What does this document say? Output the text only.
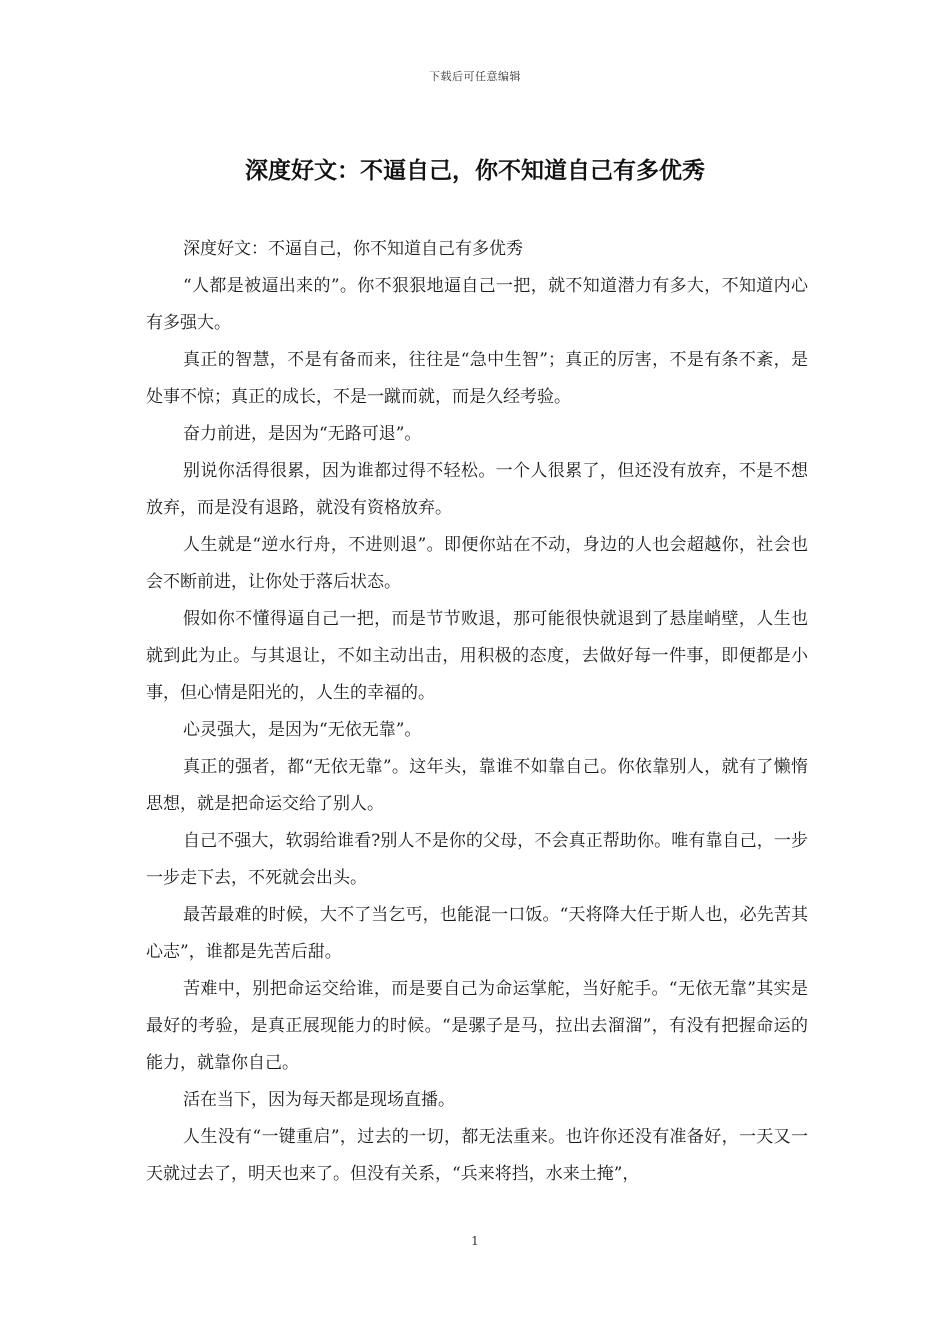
下载后可任意编辑
深度好文：不逼自己，你不知道自己有多优秀

深度好文：不逼自己，你不知道自己有多优秀

“人都是被逼出来的”。你不狠狠地逼自己一把，就不知道潜力有多大，不知道内心有多强大。

真正的智慧，不是有备而来，往往是“急中生智”；真正的厉害，不是有条不紊，是处事不惊；真正的成长，不是一蹴而就，而是久经考验。

奋力前进，是因为“无路可退”。

别说你活得很累，因为谁都过得不轻松。一个人很累了，但还没有放弃，不是不想放弃，而是没有退路，就没有资格放弃。

人生就是“逆水行舟，不进则退”。即便你站在不动，身边的人也会超越你，社会也会不断前进，让你处于落后状态。

假如你不懂得逼自己一把，而是节节败退，那可能很快就退到了悬崖峭壁，人生也就到此为止。与其退让，不如主动出击，用积极的态度，去做好每一件事，即便都是小事，但心情是阳光的，人生的幸福的。

心灵强大，是因为“无依无靠”。

真正的强者，都“无依无靠”。这年头，靠谁不如靠自己。你依靠别人，就有了懒惰思想，就是把命运交给了别人。

自己不强大，软弱给谁看?别人不是你的父母，不会真正帮助你。唯有靠自己，一步一步走下去，不死就会出头。

最苦最难的时候，大不了当乞丐，也能混一口饭。“天将降大任于斯人也，必先苦其心志”，谁都是先苦后甜。

苦难中，别把命运交给谁，而是要自己为命运掌舵，当好舵手。“无依无靠”其实是最好的考验，是真正展现能力的时候。“是骡子是马，拉出去溜溜”，有没有把握命运的能力，就靠你自己。

活在当下，因为每天都是现场直播。

人生没有“一键重启”，过去的一切，都无法重来。也许你还没有准备好，一天又一天就过去了，明天也来了。但没有关系，“兵来将挡，水来土掩”，

1
